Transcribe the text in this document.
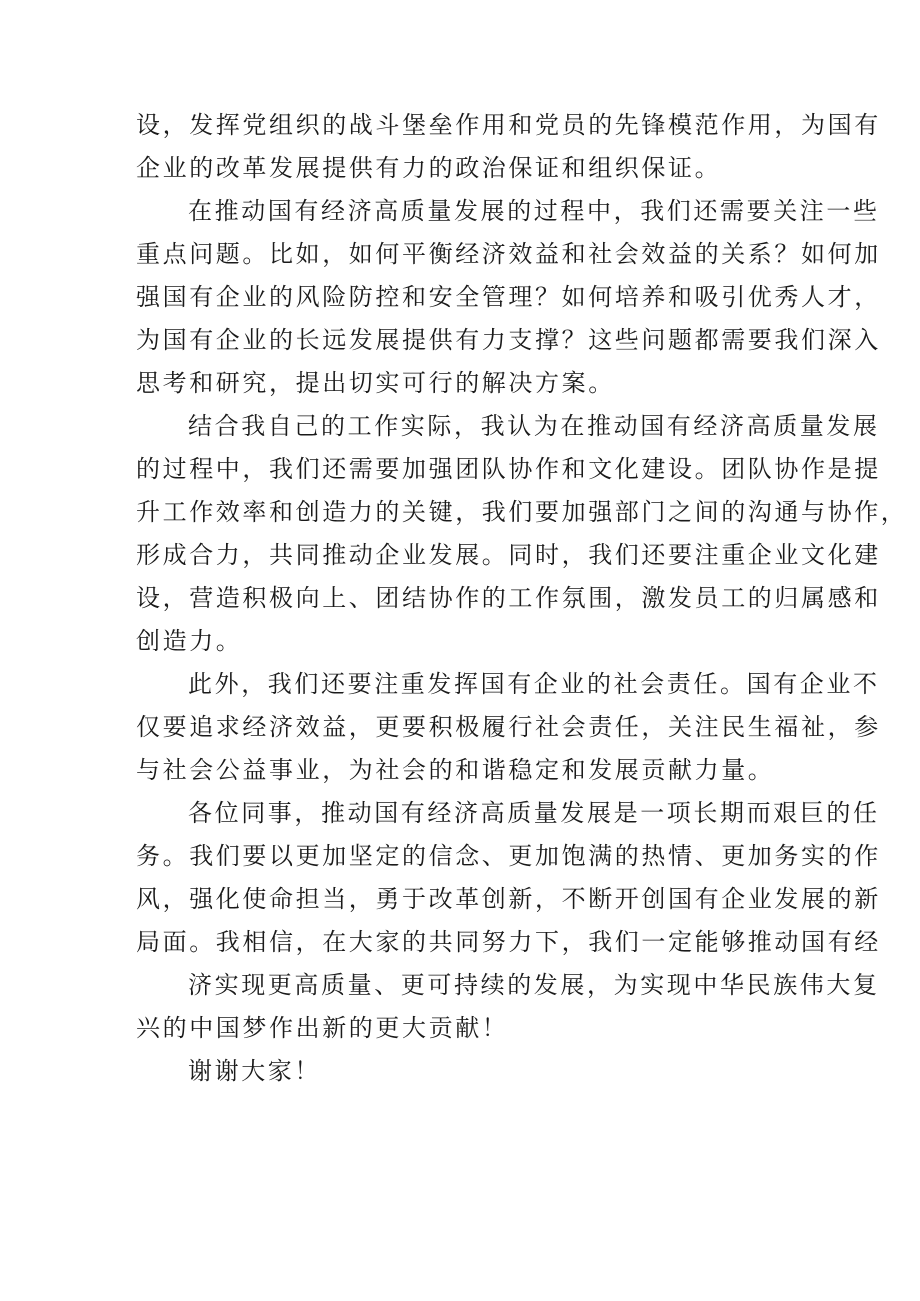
设，发挥党组织的战斗堡垒作用和党员的先锋模范作用，为国有
企业的改革发展提供有力的政治保证和组织保证。
在推动国有经济高质量发展的过程中，我们还需要关注一些
重点问题。比如，如何平衡经济效益和社会效益的关系？如何加
强国有企业的风险防控和安全管理？如何培养和吸引优秀人才，
为国有企业的长远发展提供有力支撑？这些问题都需要我们深入
思考和研究，提出切实可行的解决方案。
结合我自己的工作实际，我认为在推动国有经济高质量发展
的过程中，我们还需要加强团队协作和文化建设。团队协作是提
升工作效率和创造力的关键，我们要加强部门之间的沟通与协作，
形成合力，共同推动企业发展。同时，我们还要注重企业文化建
设，营造积极向上、团结协作的工作氛围，激发员工的归属感和
创造力。
此外，我们还要注重发挥国有企业的社会责任。国有企业不
仅要追求经济效益，更要积极履行社会责任，关注民生福祉，参
与社会公益事业，为社会的和谐稳定和发展贡献力量。
各位同事，推动国有经济高质量发展是一项长期而艰巨的任
务。我们要以更加坚定的信念、更加饱满的热情、更加务实的作
风，强化使命担当，勇于改革创新，不断开创国有企业发展的新
局面。我相信，在大家的共同努力下，我们一定能够推动国有经
济实现更高质量、更可持续的发展，为实现中华民族伟大复
兴的中国梦作出新的更大贡献！
谢谢大家！
